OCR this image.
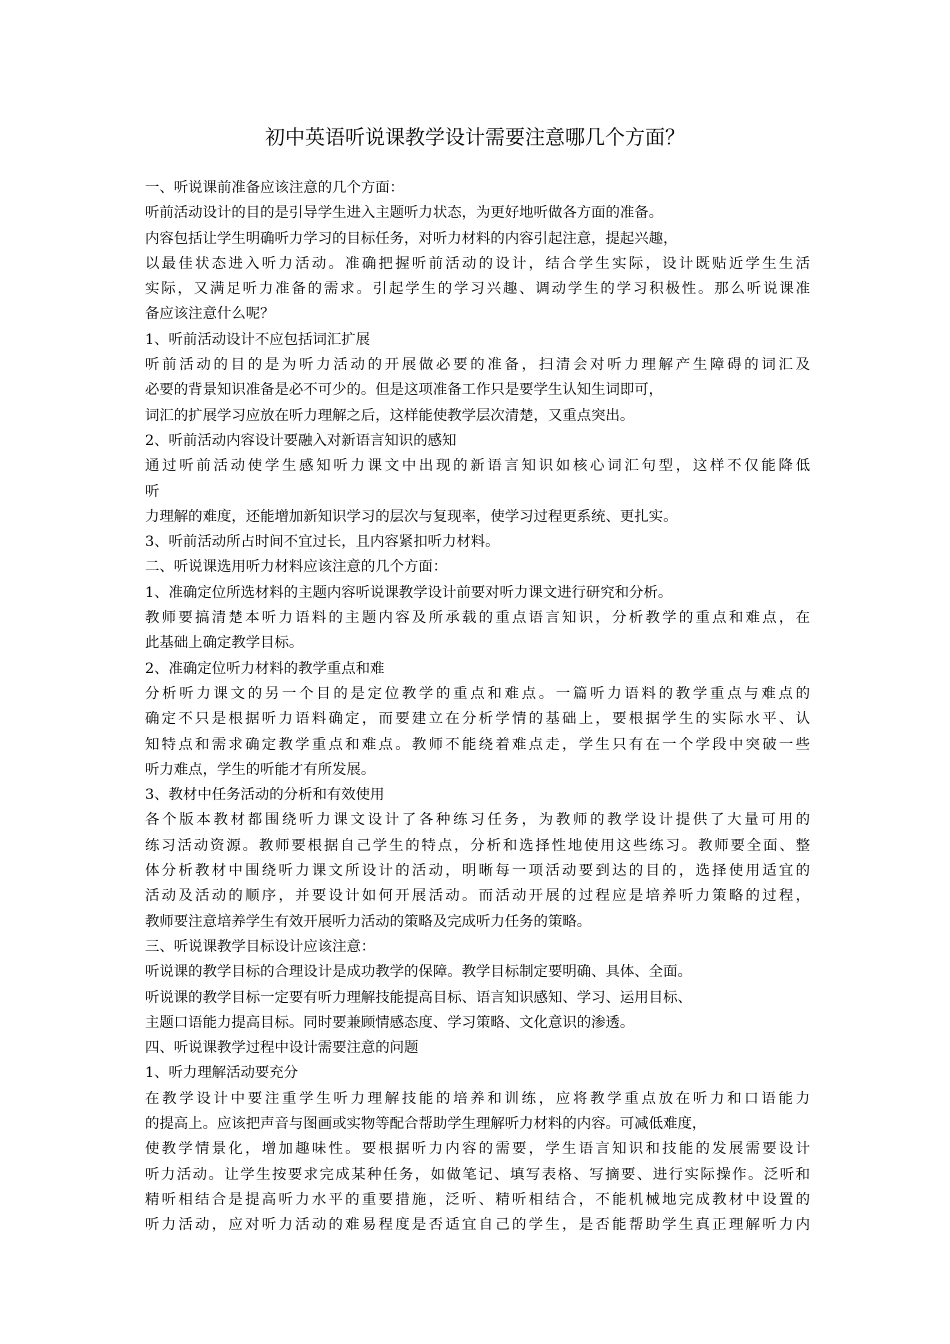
初中英语听说课教学设计需要注意哪几个方面？
一、听说课前准备应该注意的几个方面：
听前活动设计的目的是引导学生进入主题听力状态，为更好地听做各方面的准备。
内容包括让学生明确听力学习的目标任务，对听力材料的内容引起注意，提起兴趣，
以最佳状态进入听力活动。准确把握听前活动的设计，结合学生实际，设计既贴近学生生活
实际，又满足听力准备的需求。引起学生的学习兴趣、调动学生的学习积极性。那么听说课准
备应该注意什么呢？
1、听前活动设计不应包括词汇扩展
听前活动的目的是为听力活动的开展做必要的准备，扫清会对听力理解产生障碍的词汇及
必要的背景知识准备是必不可少的。但是这项准备工作只是要学生认知生词即可，
词汇的扩展学习应放在听力理解之后，这样能使教学层次清楚，又重点突出。
2、听前活动内容设计要融入对新语言知识的感知
通过听前活动使学生感知听力课文中出现的新语言知识如核心词汇句型，这样不仅能降低
听
力理解的难度，还能增加新知识学习的层次与复现率，使学习过程更系统、更扎实。
3、听前活动所占时间不宜过长，且内容紧扣听力材料。
二、听说课选用听力材料应该注意的几个方面：
1、准确定位所选材料的主题内容听说课教学设计前要对听力课文进行研究和分析。
教师要搞清楚本听力语料的主题内容及所承载的重点语言知识，分析教学的重点和难点，在
此基础上确定教学目标。
2、准确定位听力材料的教学重点和难
分析听力课文的另一个目的是定位教学的重点和难点。一篇听力语料的教学重点与难点的
确定不只是根据听力语料确定，而要建立在分析学情的基础上，要根据学生的实际水平、认
知特点和需求确定教学重点和难点。教师不能绕着难点走，学生只有在一个学段中突破一些
听力难点，学生的听能才有所发展。
3、教材中任务活动的分析和有效使用
各个版本教材都围绕听力课文设计了各种练习任务，为教师的教学设计提供了大量可用的
练习活动资源。教师要根据自己学生的特点，分析和选择性地使用这些练习。教师要全面、整
体分析教材中围绕听力课文所设计的活动，明晰每一项活动要到达的目的，选择使用适宜的
活动及活动的顺序，并要设计如何开展活动。而活动开展的过程应是培养听力策略的过程，
教师要注意培养学生有效开展听力活动的策略及完成听力任务的策略。
三、听说课教学目标设计应该注意：
听说课的教学目标的合理设计是成功教学的保障。教学目标制定要明确、具体、全面。
听说课的教学目标一定要有听力理解技能提高目标、语言知识感知、学习、运用目标、
主题口语能力提高目标。同时要兼顾情感态度、学习策略、文化意识的渗透。
四、听说课教学过程中设计需要注意的问题
1、听力理解活动要充分
在教学设计中要注重学生听力理解技能的培养和训练，应将教学重点放在听力和口语能力
的提高上。应该把声音与图画或实物等配合帮助学生理解听力材料的内容。可减低难度，
使教学情景化，增加趣味性。要根据听力内容的需要，学生语言知识和技能的发展需要设计
听力活动。让学生按要求完成某种任务，如做笔记、填写表格、写摘要、进行实际操作。泛听和
精听相结合是提高听力水平的重要措施，泛听、精听相结合，不能机械地完成教材中设置的
听力活动，应对听力活动的难易程度是否适宜自己的学生，是否能帮助学生真正理解听力内
